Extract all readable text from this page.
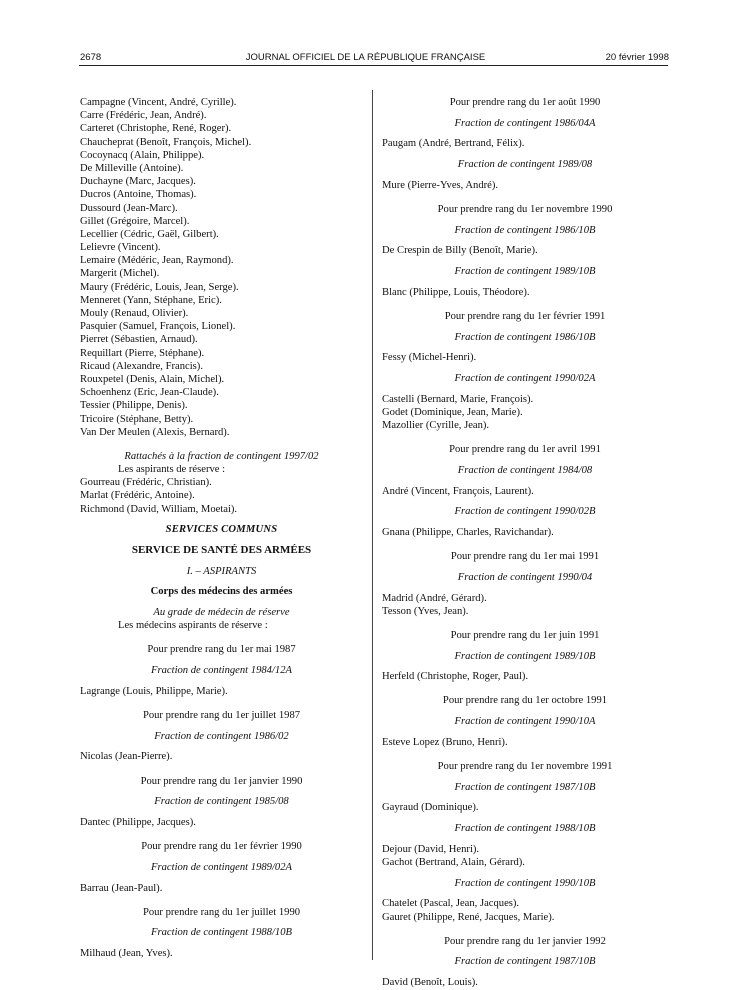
2678	JOURNAL OFFICIEL DE LA RÉPUBLIQUE FRANÇAISE	20 février 1998
Campagne (Vincent, André, Cyrille).
Carre (Frédéric, Jean, André).
Carteret (Christophe, René, Roger).
Chaucheprat (Benoît, François, Michel).
Cocoynacq (Alain, Philippe).
De Milleville (Antoine).
Duchayne (Marc, Jacques).
Ducros (Antoine, Thomas).
Dussourd (Jean-Marc).
Gillet (Grégoire, Marcel).
Lecellier (Cédric, Gaël, Gilbert).
Lelievre (Vincent).
Lemaire (Médéric, Jean, Raymond).
Margerit (Michel).
Maury (Frédéric, Louis, Jean, Serge).
Menneret (Yann, Stéphane, Eric).
Mouly (Renaud, Olivier).
Pasquier (Samuel, François, Lionel).
Pierret (Sébastien, Arnaud).
Requillart (Pierre, Stéphane).
Ricaud (Alexandre, Francis).
Rouxpetel (Denis, Alain, Michel).
Schoenhenz (Eric, Jean-Claude).
Tessier (Philippe, Denis).
Tricoire (Stéphane, Betty).
Van Der Meulen (Alexis, Bernard).
Rattachés à la fraction de contingent 1997/02
Les aspirants de réserve :
Gourreau (Frédéric, Christian).
Marlat (Frédéric, Antoine).
Richmond (David, William, Moetai).
SERVICES COMMUNS
SERVICE DE SANTÉ DES ARMÉES
I. – ASPIRANTS
Corps des médecins des armées
Au grade de médecin de réserve
Les médecins aspirants de réserve :
Pour prendre rang du 1er mai 1987
Fraction de contingent 1984/12A
Lagrange (Louis, Philippe, Marie).
Pour prendre rang du 1er juillet 1987
Fraction de contingent 1986/02
Nicolas (Jean-Pierre).
Pour prendre rang du 1er janvier 1990
Fraction de contingent 1985/08
Dantec (Philippe, Jacques).
Pour prendre rang du 1er février 1990
Fraction de contingent 1989/02A
Barrau (Jean-Paul).
Pour prendre rang du 1er juillet 1990
Fraction de contingent 1988/10B
Milhaud (Jean, Yves).
Pour prendre rang du 1er août 1990
Fraction de contingent 1986/04A
Paugam (André, Bertrand, Félix).
Fraction de contingent 1989/08
Mure (Pierre-Yves, André).
Pour prendre rang du 1er novembre 1990
Fraction de contingent 1986/10B
De Crespin de Billy (Benoît, Marie).
Fraction de contingent 1989/10B
Blanc (Philippe, Louis, Théodore).
Pour prendre rang du 1er février 1991
Fraction de contingent 1986/10B
Fessy (Michel-Henri).
Fraction de contingent 1990/02A
Castelli (Bernard, Marie, François).
Godet (Dominique, Jean, Marie).
Mazollier (Cyrille, Jean).
Pour prendre rang du 1er avril 1991
Fraction de contingent 1984/08
André (Vincent, François, Laurent).
Fraction de contingent 1990/02B
Gnana (Philippe, Charles, Ravichandar).
Pour prendre rang du 1er mai 1991
Fraction de contingent 1990/04
Madrid (André, Gérard).
Tesson (Yves, Jean).
Pour prendre rang du 1er juin 1991
Fraction de contingent 1989/10B
Herfeld (Christophe, Roger, Paul).
Pour prendre rang du 1er octobre 1991
Fraction de contingent 1990/10A
Esteve Lopez (Bruno, Henri).
Pour prendre rang du 1er novembre 1991
Fraction de contingent 1987/10B
Gayraud (Dominique).
Fraction de contingent 1988/10B
Dejour (David, Henri).
Gachot (Bertrand, Alain, Gérard).
Fraction de contingent 1990/10B
Chatelet (Pascal, Jean, Jacques).
Gauret (Philippe, René, Jacques, Marie).
Pour prendre rang du 1er janvier 1992
Fraction de contingent 1987/10B
David (Benoît, Louis).
